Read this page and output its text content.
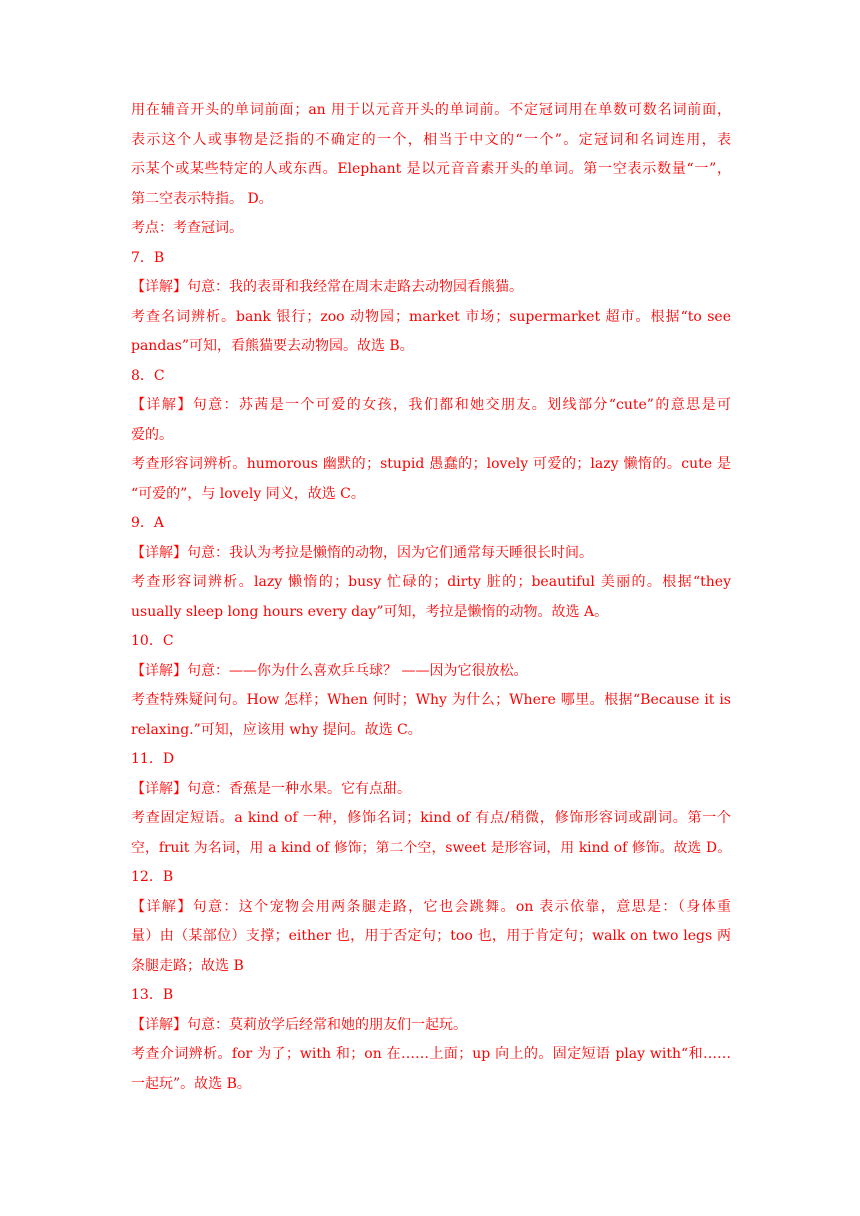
用在辅音开头的单词前面；an 用于以元音开头的单词前。不定冠词用在单数可数名词前面，
表示这个人或事物是泛指的不确定的一个，相当于中文的“一个”。定冠词和名词连用，表
示某个或某些特定的人或东西。Elephant 是以元音音素开头的单词。第一空表示数量“一”，
第二空表示特指。 D。
考点：考查冠词。
7．B
【详解】句意：我的表哥和我经常在周末走路去动物园看熊猫。
考查名词辨析。bank 银行；zoo 动物园；market 市场；supermarket 超市。根据“to see
pandas”可知，看熊猫要去动物园。故选 B。
8．C
【详解】句意：苏茜是一个可爱的女孩，我们都和她交朋友。划线部分“cute”的意思是可
爱的。
考查形容词辨析。humorous 幽默的；stupid 愚蠢的；lovely 可爱的；lazy 懒惰的。cute 是
“可爱的”，与 lovely 同义，故选 C。
9．A
【详解】句意：我认为考拉是懒惰的动物，因为它们通常每天睡很长时间。
考查形容词辨析。lazy 懒惰的；busy 忙碌的；dirty 脏的；beautiful 美丽的。根据“they
usually sleep long hours every day”可知，考拉是懒惰的动物。故选 A。
10．C
【详解】句意：——你为什么喜欢乒乓球？ ——因为它很放松。
考查特殊疑问句。How 怎样；When 何时；Why 为什么；Where 哪里。根据“Because it is
relaxing.”可知，应该用 why 提问。故选 C。
11．D
【详解】句意：香蕉是一种水果。它有点甜。
考查固定短语。a kind of 一种，修饰名词；kind of 有点/稍微，修饰形容词或副词。第一个
空，fruit 为名词，用 a kind of 修饰；第二个空，sweet 是形容词，用 kind of 修饰。故选 D。
12．B
【详解】句意：这个宠物会用两条腿走路，它也会跳舞。on 表示依靠，意思是：（身体重
量）由（某部位）支撑；either 也，用于否定句；too 也，用于肯定句；walk on two legs 两
条腿走路；故选 B
13．B
【详解】句意：莫莉放学后经常和她的朋友们一起玩。
考查介词辨析。for 为了；with 和；on 在……上面；up 向上的。固定短语 play with“和……
一起玩”。故选 B。
